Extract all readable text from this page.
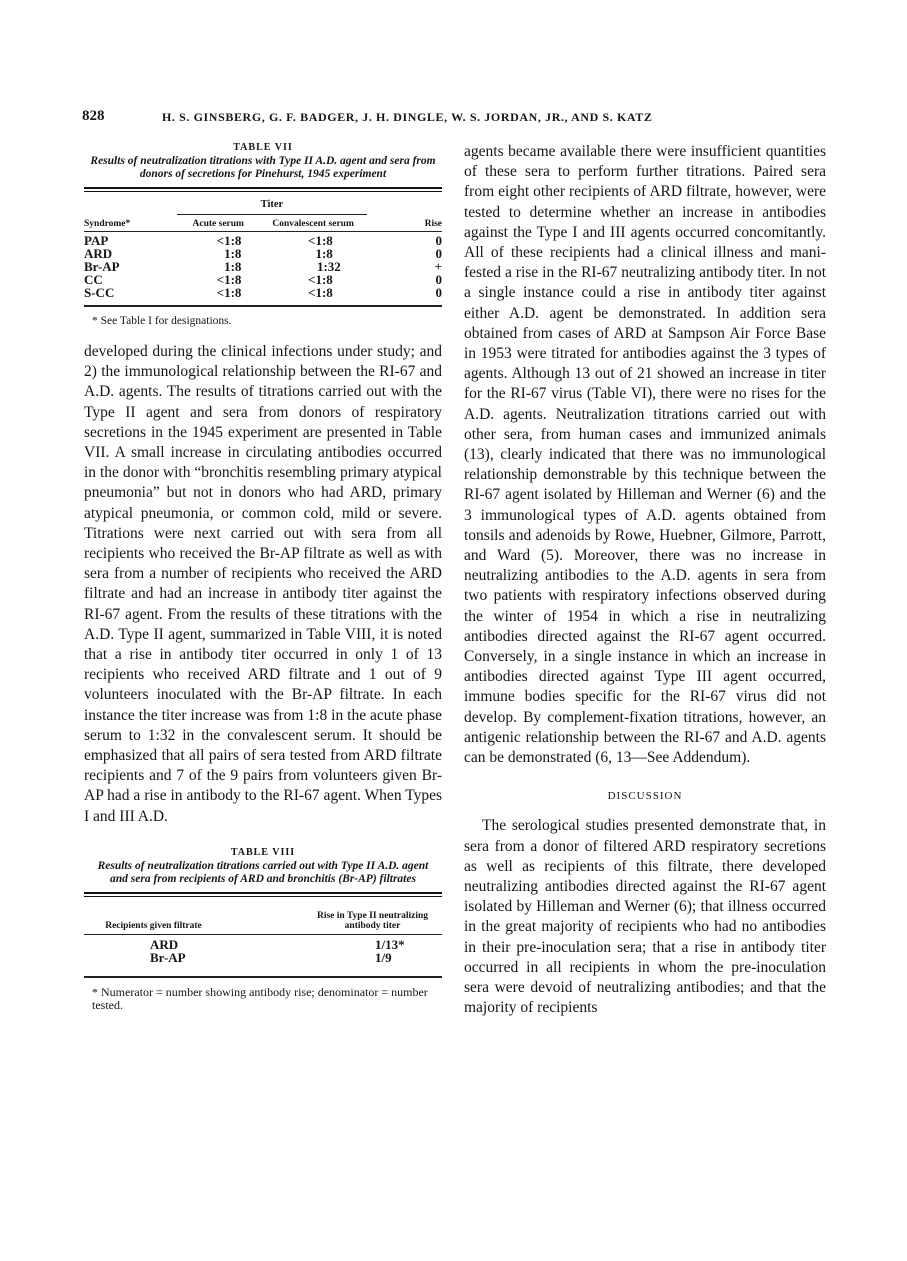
828	H. S. GINSBERG, G. F. BADGER, J. H. DINGLE, W. S. JORDAN, JR., AND S. KATZ
TABLE VII
Results of neutralization titrations with Type II A.D. agent and sera from donors of secretions for Pinehurst, 1945 experiment
	Titer		
Syndrome*	Acute serum	Convalescent serum	Rise
PAP	<1:8	<1:8	0
ARD	1:8	1:8	0
Br-AP	1:8	1:32	+
CC	<1:8	<1:8	0
S-CC	<1:8	<1:8	0
* See Table I for designations.

developed during the clinical infections under study; and 2) the immunological relationship between the RI-67 and A.D. agents. The results of titrations carried out with the Type II agent and sera from donors of respiratory secretions in the 1945 experiment are presented in Table VII. A small increase in circulating antibodies occurred in the donor with “bronchitis resembling primary atypical pneumonia” but not in donors who had ARD, primary atypical pneumonia, or common cold, mild or severe. Titrations were next carried out with sera from all recipients who received the Br-AP filtrate as well as with sera from a number of recipients who received the ARD filtrate and had an increase in antibody titer against the RI-67 agent. From the results of these titrations with the A.D. Type II agent, summarized in Table VIII, it is noted that a rise in antibody titer occurred in only 1 of 13 recipients who received ARD filtrate and 1 out of 9 volunteers inoculated with the Br-AP filtrate. In each instance the titer increase was from 1:8 in the acute phase serum to 1:32 in the convalescent serum. It should be emphasized that all pairs of sera tested from ARD filtrate recipients and 7 of the 9 pairs from volunteers given Br-AP had a rise in antibody to the RI-67 agent. When Types I and III A.D.

TABLE VIII
Results of neutralization titrations carried out with Type II A.D. agent and sera from recipients of ARD and bronchitis (Br-AP) filtrates
Recipients given filtrate	Rise in Type II neutralizing antibody titer
ARD	1/13*
Br-AP	1/9
* Numerator = number showing antibody rise; denominator = number tested.

agents became available there were insufficient quantities of these sera to perform further titrations. Paired sera from eight other recipients of ARD filtrate, however, were tested to determine whether an increase in antibodies against the Type I and III agents occurred concomitantly. All of these recipients had a clinical illness and manifested a rise in the RI-67 neutralizing antibody titer. In not a single instance could a rise in antibody titer against either A.D. agent be demonstrated. In addition sera obtained from cases of ARD at Sampson Air Force Base in 1953 were titrated for antibodies against the 3 types of agents. Although 13 out of 21 showed an increase in titer for the RI-67 virus (Table VI), there were no rises for the A.D. agents. Neutralization titrations carried out with other sera, from human cases and immunized animals (13), clearly indicated that there was no immunological relationship demonstrable by this technique between the RI-67 agent isolated by Hilleman and Werner (6) and the 3 immunological types of A.D. agents obtained from tonsils and adenoids by Rowe, Huebner, Gilmore, Parrott, and Ward (5). Moreover, there was no increase in neutralizing antibodies to the A.D. agents in sera from two patients with respiratory infections observed during the winter of 1954 in which a rise in neutralizing antibodies directed against the RI-67 agent occurred. Conversely, in a single instance in which an increase in antibodies directed against Type III agent occurred, immune bodies specific for the RI-67 virus did not develop. By complement-fixation titrations, however, an antigenic relationship between the RI-67 and A.D. agents can be demonstrated (6, 13—See Addendum).

DISCUSSION

The serological studies presented demonstrate that, in sera from a donor of filtered ARD respiratory secretions as well as recipients of this filtrate, there developed neutralizing antibodies directed against the RI-67 agent isolated by Hilleman and Werner (6); that illness occurred in the great majority of recipients who had no antibodies in their pre-inoculation sera; that a rise in antibody titer occurred in all recipients in whom the pre-inoculation sera were devoid of neutralizing antibodies; and that the majority of recipients
